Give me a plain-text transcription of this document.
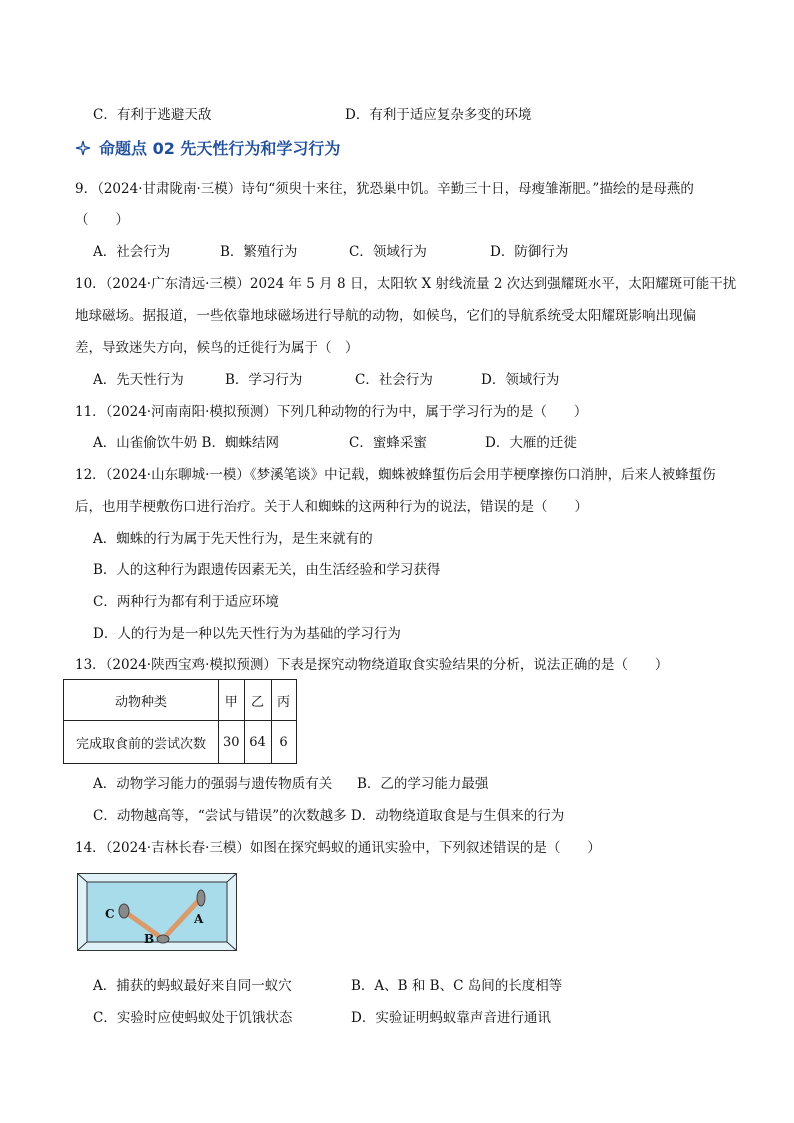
C．有利于逃避天敌	D．有利于适应复杂多变的环境
命题点 02 先天性行为和学习行为
9．（2024·甘肃陇南·三模）诗句“须臾十来往，犹恐巢中饥。辛勤三十日，母瘦雏渐肥。”描绘的是母燕的
（　　）
A．社会行为	B．繁殖行为	C．领域行为	D．防御行为
10．（2024·广东清远·三模）2024 年 5 月 8 日，太阳软 X 射线流量 2 次达到强耀斑水平，太阳耀斑可能干扰
地球磁场。据报道，一些依靠地球磁场进行导航的动物，如候鸟，它们的导航系统受太阳耀斑影响出现偏
差，导致迷失方向，候鸟的迁徙行为属于（　）
A．先天性行为	B．学习行为	C．社会行为	D．领域行为
11．（2024·河南南阳·模拟预测）下列几种动物的行为中，属于学习行为的是（　　）
A．山雀偷饮牛奶 B．蜘蛛结网	C．蜜蜂采蜜	D．大雁的迁徙
12．（2024·山东聊城·一模）《梦溪笔谈》中记载，蜘蛛被蜂蜇伤后会用芋梗摩擦伤口消肿，后来人被蜂蜇伤
后，也用芋梗敷伤口进行治疗。关于人和蜘蛛的这两种行为的说法，错误的是（　　）
A．蜘蛛的行为属于先天性行为，是生来就有的
B．人的这种行为跟遗传因素无关，由生活经验和学习获得
C．两种行为都有利于适应环境
D．人的行为是一种以先天性行为为基础的学习行为
13．（2024·陕西宝鸡·模拟预测）下表是探究动物绕道取食实验结果的分析，说法正确的是（　　）
动物种类	甲	乙	丙
完成取食前的尝试次数	30	64	6
A．动物学习能力的强弱与遗传物质有关 B．乙的学习能力最强
C．动物越高等，“尝试与错误”的次数越多 D．动物绕道取食是与生俱来的行为
14．（2024·吉林长春·三模）如图在探究蚂蚁的通讯实验中，下列叙述错误的是（　　）
C
B
A
A．捕获的蚂蚁最好来自同一蚁穴	B．A、B 和 B、C 岛间的长度相等
C．实验时应使蚂蚁处于饥饿状态	D．实验证明蚂蚁靠声音进行通讯
